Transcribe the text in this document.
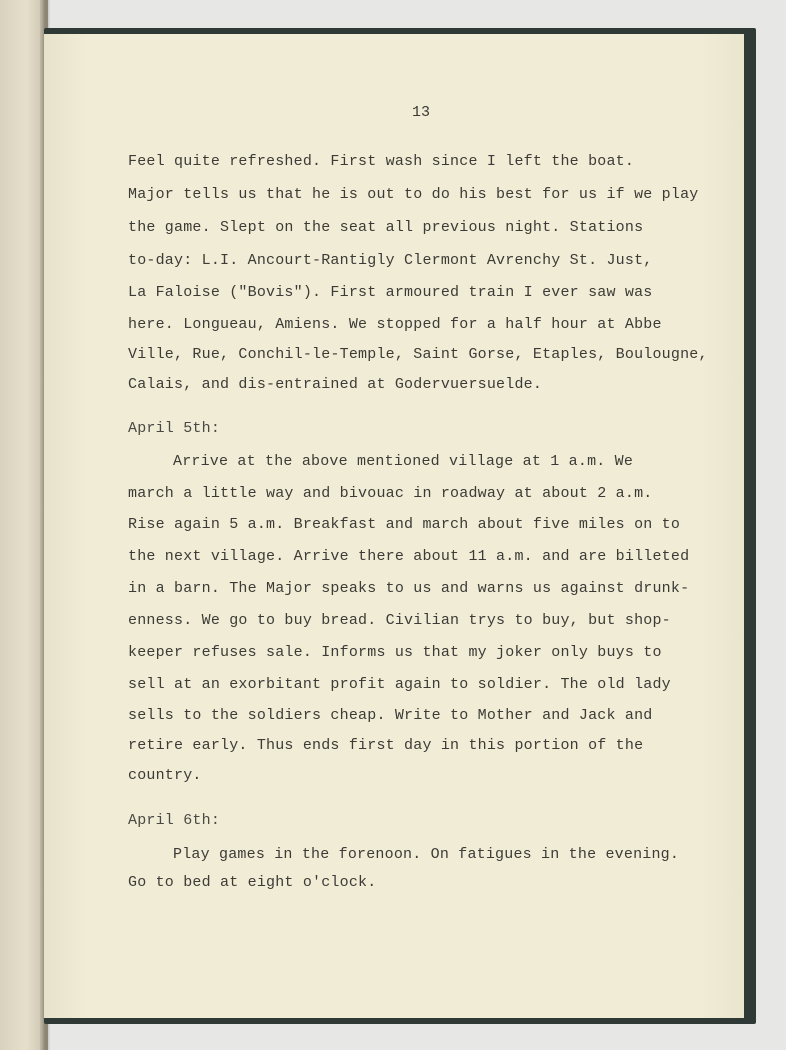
13
Feel quite refreshed. First wash since I left the boat.
Major tells us that he is out to do his best for us if we play
the game. Slept on the seat all previous night. Stations
to-day: L.I. Ancourt-Rantigly Clermont Avrenchy St. Just,
La Faloise ("Bovis"). First armoured train I ever saw was
here. Longueau, Amiens. We stopped for a half hour at Abbe
Ville, Rue, Conchil-le-Temple, Saint Gorse, Etaples, Boulougne,
Calais, and dis-entrained at Godervuersuelde.
April 5th:
Arrive at the above mentioned village at 1 a.m. We
march a little way and bivouac in roadway at about 2 a.m.
Rise again 5 a.m. Breakfast and march about five miles on to
the next village. Arrive there about 11 a.m. and are billeted
in a barn. The Major speaks to us and warns us against drunk-
enness. We go to buy bread. Civilian trys to buy, but shop-
keeper refuses sale. Informs us that my joker only buys to
sell at an exorbitant profit again to soldier. The old lady
sells to the soldiers cheap. Write to Mother and Jack and
retire early. Thus ends first day in this portion of the
country.
April 6th:
Play games in the forenoon. On fatigues in the evening.
Go to bed at eight o'clock.
